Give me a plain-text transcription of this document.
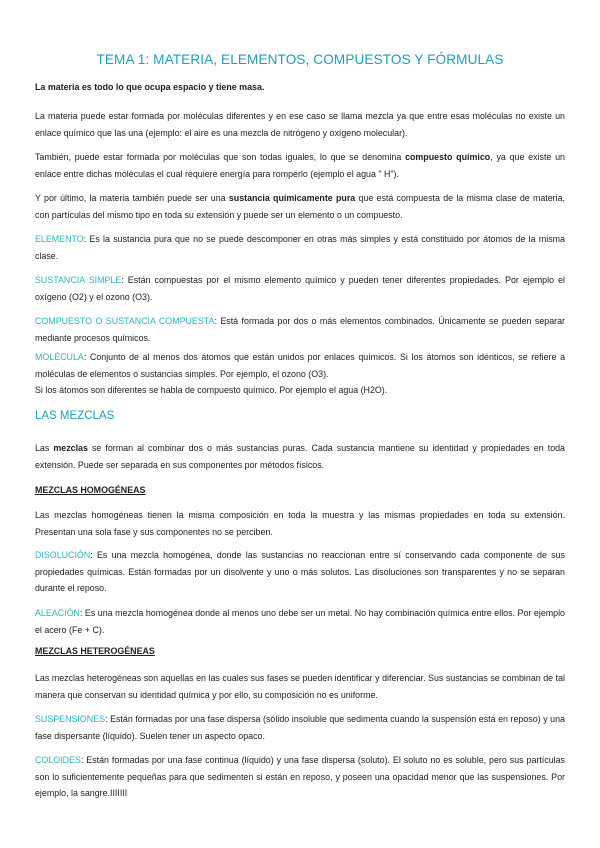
TEMA 1: MATERIA, ELEMENTOS, COMPUESTOS Y FÓRMULAS

La materia es todo lo que ocupa espacio y tiene masa.

La materia puede estar formada por moléculas diferentes y en ese caso se llama mezcla ya que entre esas moléculas no existe un enlace químico que las una (ejemplo: el aire es una mezcla de nitrógeno y oxígeno molecular).

También, puede estar formada por moléculas que son todas iguales, lo que se denomina compuesto químico, ya que existe un enlace entre dichas moléculas el cual requiere energía para romperlo (ejemplo el agua " H").

Y por último, la materia también puede ser una sustancia químicamente pura que está compuesta de la misma clase de materia, con partículas del mismo tipo en toda su extensión y puede ser un elemento o un compuesto.

ELEMENTO: Es la sustancia pura que no se puede descomponer en otras más simples y está constituido por átomos de la misma clase.

SUSTANCIA SIMPLE: Están compuestas por el mismo elemento químico y pueden tener diferentes propiedades. Por ejemplo el oxígeno (O2) y el ozono (O3).

COMPUESTO O SUSTANCIA COMPUESTA: Está formada por dos o más elementos combinados. Únicamente se pueden separar mediante procesos químicos.

MOLÉCULA: Conjunto de al menos dos átomos que están unidos por enlaces químicos. Si los átomos son idénticos, se refiere a moléculas de elementos o sustancias simples. Por ejemplo, el ozono (O3).
Si los átomos son diferentes se habla de compuesto químico. Por ejemplo el agua (H2O).

LAS MEZCLAS

Las mezclas se forman al combinar dos o más sustancias puras. Cada sustancia mantiene su identidad y propiedades en toda extensión. Puede ser separada en sus componentes por métodos físicos.

MEZCLAS HOMOGÉNEAS

Las mezclas homogéneas tienen la misma composición en toda la muestra y las mismas propiedades en toda su extensión. Presentan una sola fase y sus componentes no se perciben.

DISOLUCIÓN: Es una mezcla homogénea, donde las sustancias no reaccionan entre sí conservando cada componente de sus propiedades químicas. Están formadas por un disolvente y uno o más solutos. Las disoluciones son transparentes y no se separan durante el reposo.

ALEACIÓN: Es una mezcla homogénea donde al menos uno debe ser un metal. No hay combinación química entre ellos. Por ejemplo el acero (Fe + C).

MEZCLAS HETEROGÉNEAS

Las mezclas heterogéneas son aquellas en las cuales sus fases se pueden identificar y diferenciar. Sus sustancias se combinan de tal manera que conservan su identidad química y por ello, su composición no es uniforme.

SUSPENSIONES: Están formadas por una fase dispersa (sólido insoluble que sedimenta cuando la suspensión está en reposo) y una fase dispersante (líquido). Suelen tener un aspecto opaco.

COLOIDES: Están formadas por una fase continua (líquido) y una fase dispersa (soluto). El soluto no es soluble, pero sus partículas son lo suficientemente pequeñas para que sedimenten si están en reposo, y poseen una opacidad menor que las suspensiones. Por ejemplo, la sangre.IIIIIII
